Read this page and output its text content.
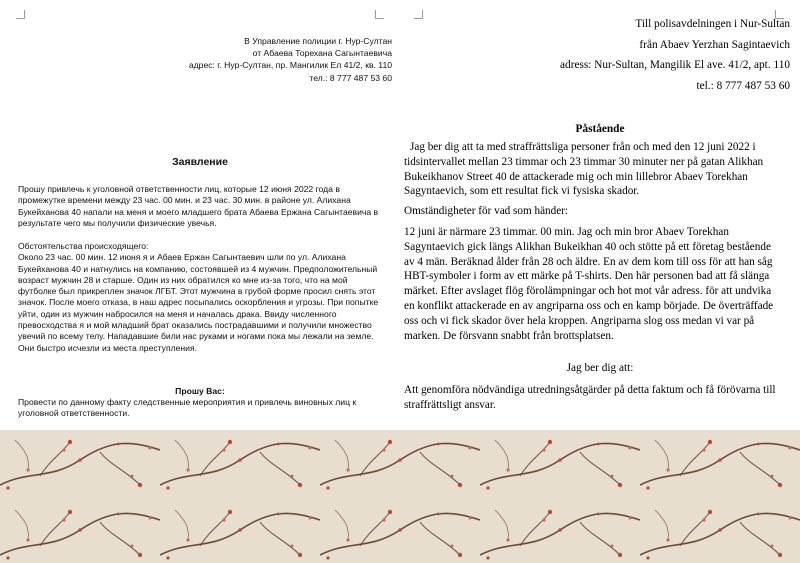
В Управление полиции г. Нур-Султан
от Абаева Торехана Сагынтаевича
адрес: г. Нур-Султан, пр. Мангилик Ел 41/2, кв. 110
тел.: 8 777 487 53 60
Заявление
Прошу привлечь к уголовной ответственности лиц, которые 12 июня 2022 года в промежутке времени между 23 час. 00 мин. и 23 час. 30 мин. в районе ул. Алихана Букейханова 40 напали на меня и моего младшего брата Абаева Ержана Сагынтаевича в результате чего мы получили физические увечья.
Обстоятельства происходящего:
Около 23 час. 00 мин. 12 июня я и Абаев Ержан Сагынтаевич шли по ул. Алихана Букейханова 40 и натнулись на компанию, состоявшей из 4 мужчин. Предположительный возраст мужчин 28 и старше. Один из них обратился ко мне из-за того, что на мой футболке был прикреплен значок ЛГБТ. Этот мужчина в грубой форме просил снять этот значок. После моего отказа, в наш адрес посыпались оскорбления и угрозы. При попытке уйти, один из мужчин набросился на меня и началась драка. Ввиду численного превосходства я и мой младший брат оказались пострадавшими и получили множество увечий по всему телу. Нападавшие били нас руками и ногами пока мы лежали на земле. Они быстро исчезли из места преступления.
Прошу Вас:
Провести по данному факту следственные мероприятия и привлечь виновных лиц к уголовной ответственности.
Till polisavdelningen i Nur-Sultan
från Abaev Yerzhan Sagintaevich
adress: Nur-Sultan, Mangilik El ave. 41/2, apt. 110
tel.: 8 777 487 53 60
Påstående
Jag ber dig att ta med straffrättsliga personer från och med den 12 juni 2022 i tidsintervallet mellan 23 timmar och 23 timmar 30 minuter ner på gatan Alikhan Bukeikhanov Street 40 de attackerade mig och min lillebror Abaev Torekhan Sagyntaevich, som ett resultat fick vi fysiska skador.
Omständigheter för vad som händer:
12 juni är närmare 23 timmar. 00 min. Jag och min bror Abaev Torekhan Sagyntaevich gick längs Alikhan Bukeikhan 40 och stötte på ett företag bestående av 4 män. Beräknad ålder från 28 och äldre. En av dem kom till oss för att han såg HBT-symboler i form av ett märke på T-shirts. Den här personen bad att få slänga märket. Efter avslaget flög förolämpningar och hot mot vår adress. för att undvika en konflikt attackerade en av angriparna oss och en kamp började. De överträffade oss och vi fick skador över hela kroppen. Angriparna slog oss medan vi var på marken. De försvann snabbt från brottsplatsen.
Jag ber dig att:
Att genomföra nödvändiga utredningsåtgärder på detta faktum och få förövarna till straffrättsligt ansvar.
